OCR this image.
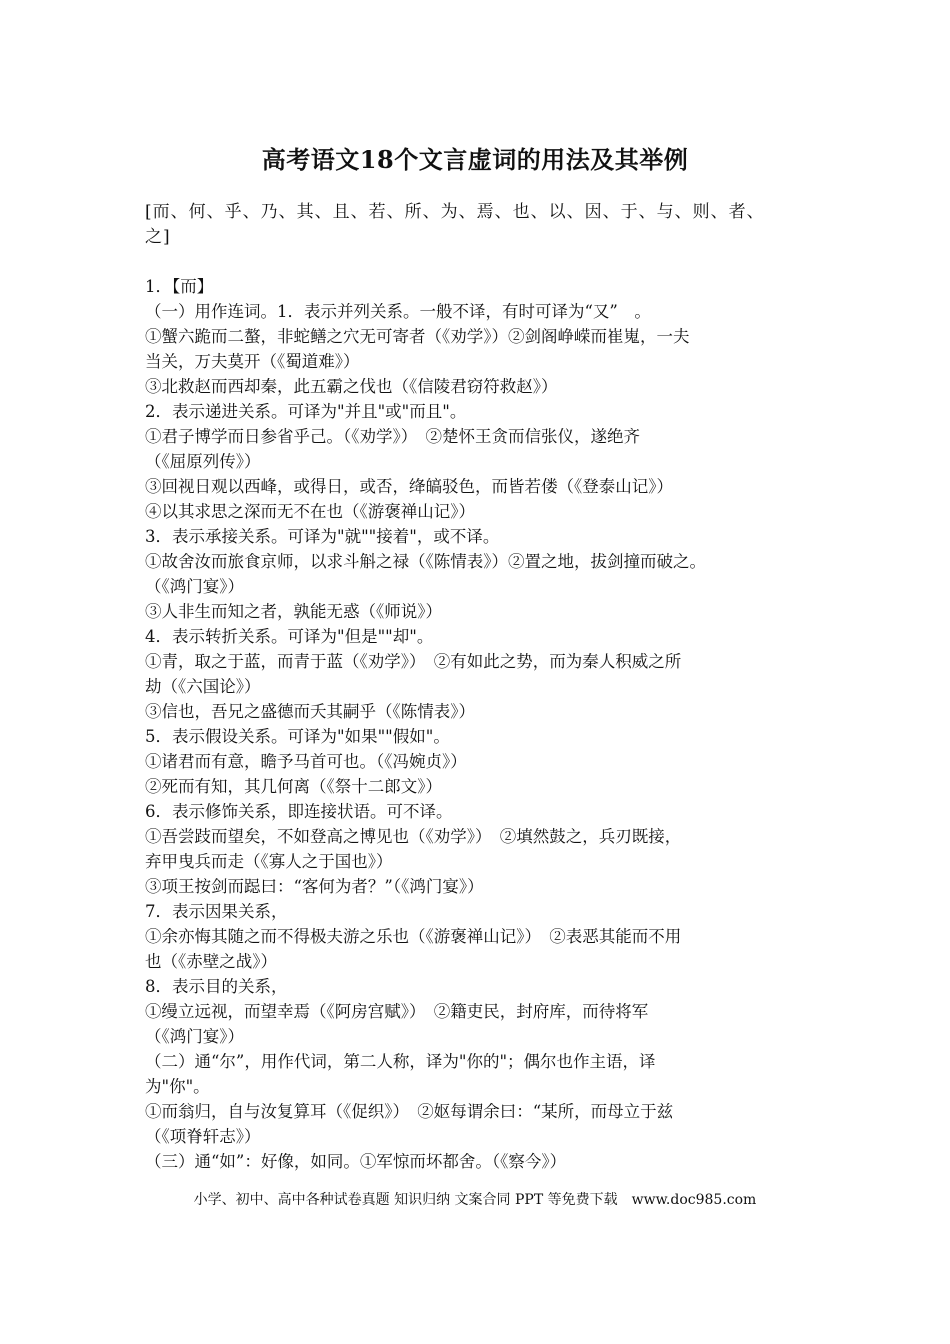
高考语文18个文言虚词的用法及其举例
[而、何、乎、乃、其、且、若、所、为、焉、也、以、因、于、与、则、者、
之]
1．【而】
（一）用作连词。1．表示并列关系。一般不译，有时可译为“又”　。
①蟹六跪而二螯，非蛇鳝之穴无可寄者（《劝学》）②剑阁峥嵘而崔嵬，一夫
当关，万夫莫开（《蜀道难》）
③北救赵而西却秦，此五霸之伐也（《信陵君窃符救赵》）
2．表示递进关系。可译为"并且"或"而且"。
①君子博学而日参省乎己。（《劝学》）　②楚怀王贪而信张仪，遂绝齐
（《屈原列传》）
③回视日观以西峰，或得日，或否，绛皜驳色，而皆若偻（《登泰山记》）
④以其求思之深而无不在也（《游褒禅山记》）
3．表示承接关系。可译为"就""接着"，或不译。
①故舍汝而旅食京师，以求斗斛之禄（《陈情表》）②置之地，拔剑撞而破之。
（《鸿门宴》）
③人非生而知之者，孰能无惑（《师说》）
4．表示转折关系。可译为"但是""却"。
①青，取之于蓝，而青于蓝（《劝学》）　②有如此之势，而为秦人积威之所
劫（《六国论》）
③信也，吾兄之盛德而夭其嗣乎（《陈情表》）
5．表示假设关系。可译为"如果""假如"。
①诸君而有意，瞻予马首可也。（《冯婉贞》）
②死而有知，其几何离（《祭十二郎文》）
6．表示修饰关系，即连接状语。可不译。
①吾尝跂而望矣，不如登高之博见也（《劝学》）　②填然鼓之，兵刃既接，
弃甲曳兵而走（《寡人之于国也》）
③项王按剑而跽曰：“客何为者？”（《鸿门宴》）
7．表示因果关系，
①余亦悔其随之而不得极夫游之乐也（《游褒禅山记》）　②表恶其能而不用
也（《赤壁之战》）
8．表示目的关系，
①缦立远视，而望幸焉（《阿房宫赋》）　②籍吏民，封府库，而待将军
（《鸿门宴》）
（二）通“尔”，用作代词，第二人称，译为"你的"；偶尔也作主语，译
为"你"。
①而翁归，自与汝复算耳（《促织》）　②妪每谓余曰：“某所，而母立于兹
（《项脊轩志》）
（三）通“如”：好像，如同。①军惊而坏都舍。（《察今》）
小学、初中、高中各种试卷真题 知识归纳 文案合同 PPT 等免费下载　www.doc985.com
